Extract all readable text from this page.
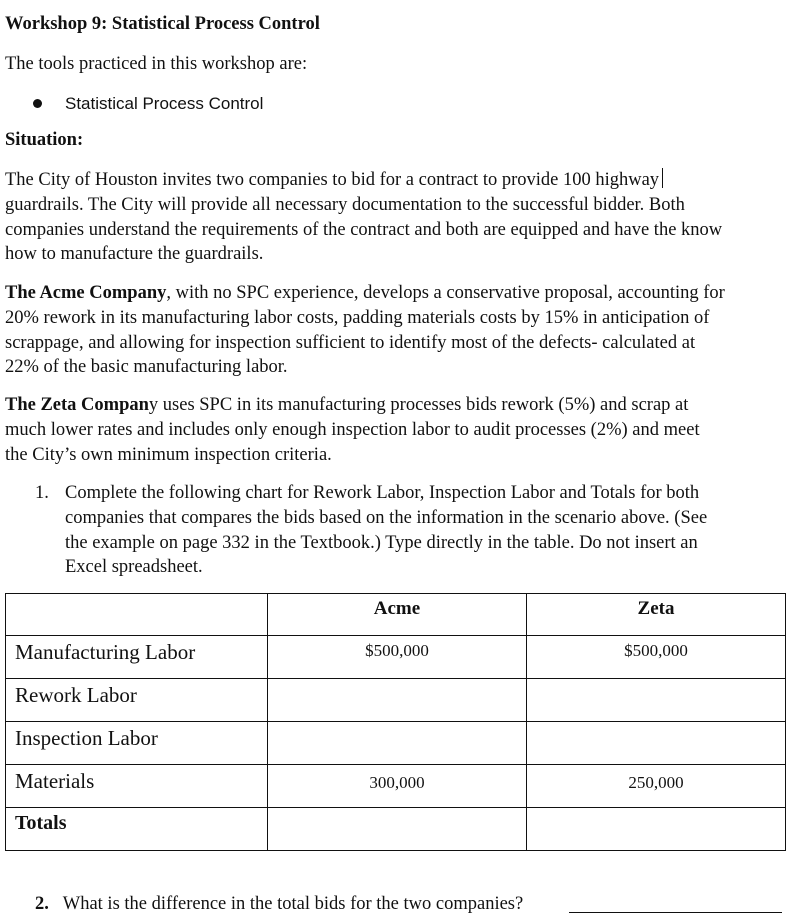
Workshop 9: Statistical Process Control
The tools practiced in this workshop are:
Statistical Process Control
Situation:
The City of Houston invites two companies to bid for a contract to provide 100 highway
guardrails. The City will provide all necessary documentation to the successful bidder. Both
companies understand the requirements of the contract and both are equipped and have the know
how to manufacture the guardrails.
The Acme Company, with no SPC experience, develops a conservative proposal, accounting for
20% rework in its manufacturing labor costs, padding materials costs by 15% in anticipation of
scrappage, and allowing for inspection sufficient to identify most of the defects- calculated at
22% of the basic manufacturing labor.
The Zeta Company uses SPC in its manufacturing processes bids rework (5%) and scrap at
much lower rates and includes only enough inspection labor to audit processes (2%) and meet
the City’s own minimum inspection criteria.
1. Complete the following chart for Rework Labor, Inspection Labor and Totals for both
companies that compares the bids based on the information in the scenario above. (See
the example on page 332 in the Textbook.) Type directly in the table. Do not insert an
Excel spreadsheet.
	Acme	Zeta
Manufacturing Labor	$500,000	$500,000
Rework Labor		
Inspection Labor		
Materials	300,000	250,000
Totals		
2. What is the difference in the total bids for the two companies?
